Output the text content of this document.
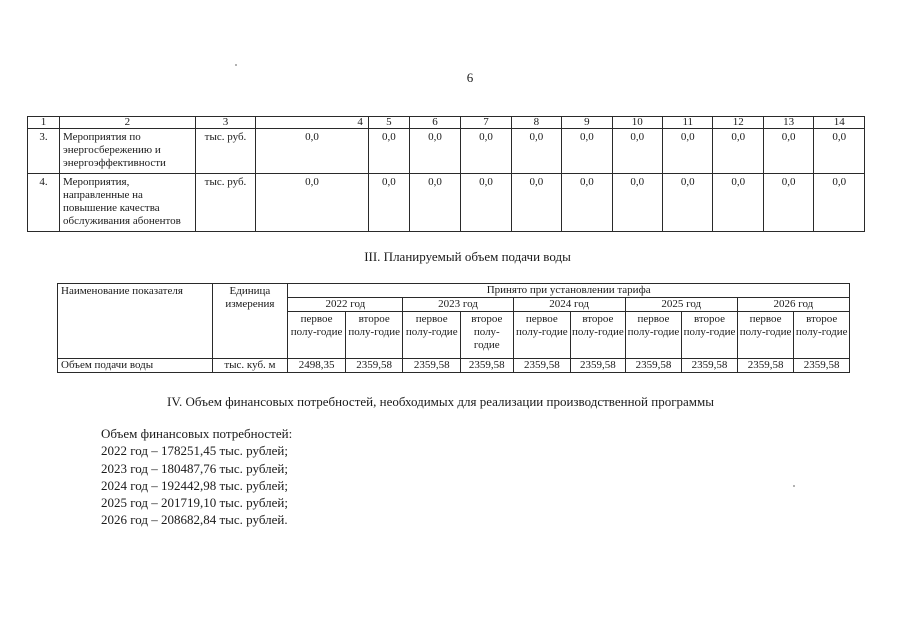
6
1	2	3	4	5	6	7	8	9	10	11	12	13	14
3.	Мероприятия по энергосбережению и энергоэффективности	тыс. руб.	0,0	0,0	0,0	0,0	0,0	0,0	0,0	0,0	0,0	0,0	0,0
4.	Мероприятия, направленные на повышение качества обслуживания абонентов	тыс. руб.	0,0	0,0	0,0	0,0	0,0	0,0	0,0	0,0	0,0	0,0	0,0
III. Планируемый объем подачи воды
Наименование показателя	Единица измерения	Принято при установлении тарифа									
		2022 год		2023 год		2024 год		2025 год		2026 год	
		первое полу-годие	второе полу-годие	первое полу-годие	второе полу-годие	первое полу-годие	второе полу-годие	первое полу-годие	второе полу-годие	первое полу-годие	второе полу-годие
Объем подачи воды	тыс. куб. м	2498,35	2359,58	2359,58	2359,58	2359,58	2359,58	2359,58	2359,58	2359,58	2359,58
IV. Объем финансовых потребностей, необходимых для реализации производственной программы
Объем финансовых потребностей:
2022 год – 178251,45 тыс. рублей;
2023 год – 180487,76 тыс. рублей;
2024 год – 192442,98 тыс. рублей;
2025 год – 201719,10 тыс. рублей;
2026 год – 208682,84 тыс. рублей.
